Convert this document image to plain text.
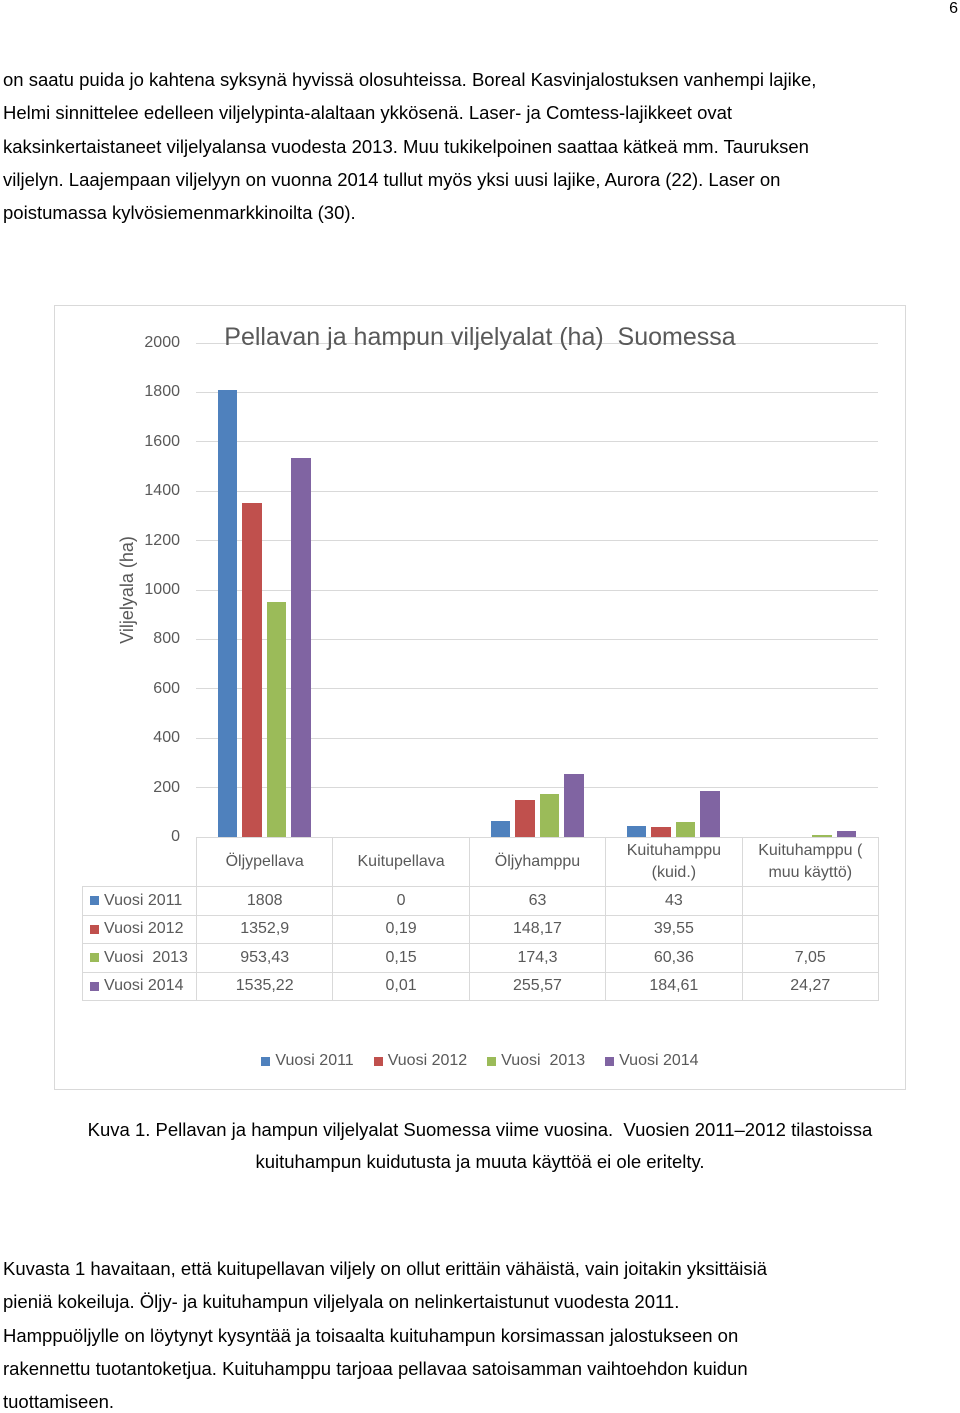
6
on saatu puida jo kahtena syksynä hyvissä olosuhteissa. Boreal Kasvinjalostuksen vanhempi lajike,
Helmi sinnittelee edelleen viljelypinta-alaltaan ykkösenä. Laser- ja Comtess-lajikkeet ovat
kaksinkertaistaneet viljelyalansa vuodesta 2013. Muu tukikelpoinen saattaa kätkeä mm. Tauruksen
viljelyn. Laajempaan viljelyyn on vuonna 2014 tullut myös yksi uusi lajike, Aurora (22). Laser on
poistumassa kylvösiemenmarkkinoilta (30).
0
200
400
600
800
1000
1200
1400
1600
1800
2000	Pellavan ja hampun viljelyalat (ha)  Suomessa
Viljelyala (ha)
	Öljypellava	Kuitupellava	Öljyhamppu	Kuituhamppu (kuid.)	Kuituhamppu ( muu käyttö)

Vuosi 2011	1808	0	63	43	

Vuosi 2012	1352,9	0,19	148,17	39,55	

Vuosi  2013	953,43	0,15	174,3	60,36	7,05

Vuosi 2014	1535,22	0,01	255,57	184,61	24,27
Vuosi 2011 Vuosi 2012 Vuosi  2013 Vuosi 2014
Kuva 1. Pellavan ja hampun viljelyalat Suomessa viime vuosina.  Vuosien 2011–2012 tilastoissa
kuituhampun kuidutusta ja muuta käyttöä ei ole eritelty.
Kuvasta 1 havaitaan, että kuitupellavan viljely on ollut erittäin vähäistä, vain joitakin yksittäisiä
pieniä kokeiluja. Öljy- ja kuituhampun viljelyala on nelinkertaistunut vuodesta 2011.
Hamppuöljylle on löytynyt kysyntää ja toisaalta kuituhampun korsimassan jalostukseen on
rakennettu tuotantoketjua. Kuituhamppu tarjoaa pellavaa satoisamman vaihtoehdon kuidun
tuottamiseen.
